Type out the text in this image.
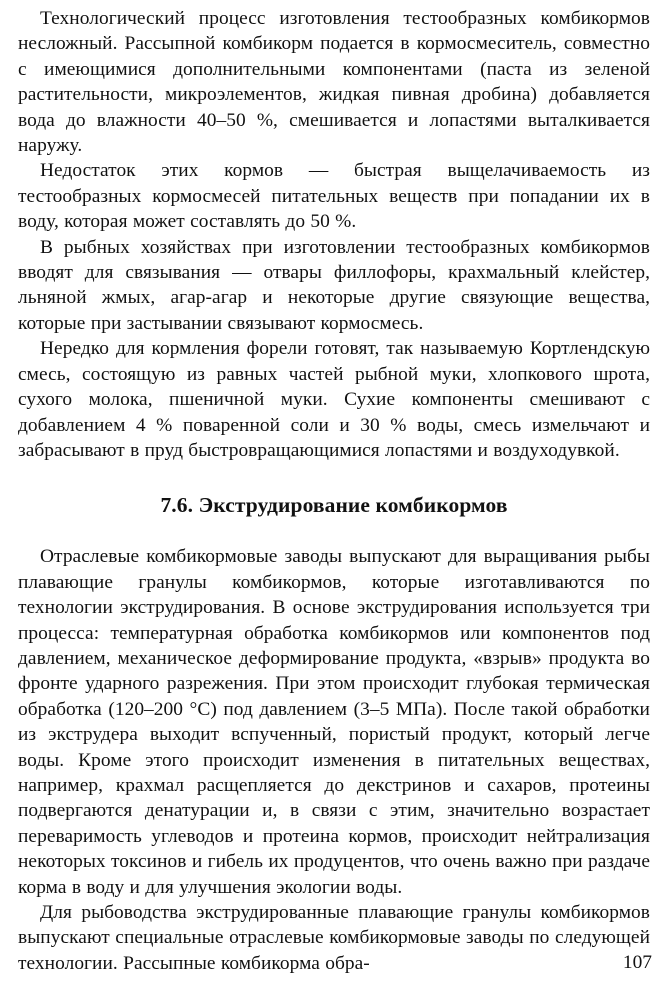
Технологический процесс изготовления тестообразных комбикормов несложный. Рассыпной комбикорм подается в кормосмеситель, совместно с имеющимися дополнительными компонентами (паста из зеленой растительности, микроэлементов, жидкая пивная дробина) добавляется вода до влажности 40–50 %, смешивается и лопастями выталкивается наружу.

Недостаток этих кормов — быстрая выщелачиваемость из тестообразных кормосмесей питательных веществ при попадании их в воду, которая может составлять до 50 %.

В рыбных хозяйствах при изготовлении тестообразных комбикормов вводят для связывания — отвары филлофоры, крахмальный клейстер, льняной жмых, агар-агар и некоторые другие связующие вещества, которые при застывании связывают кормосмесь.

Нередко для кормления форели готовят, так называемую Кортлендскую смесь, состоящую из равных частей рыбной муки, хлопкового шрота, сухого молока, пшеничной муки. Сухие компоненты смешивают с добавлением 4 % поваренной соли и 30 % воды, смесь измельчают и забрасывают в пруд быстровращающимися лопастями и воздуходувкой.

7.6. Экструдирование комбикормов

Отраслевые комбикормовые заводы выпускают для выращивания рыбы плавающие гранулы комбикормов, которые изготавливаются по технологии экструдирования. В основе экструдирования используется три процесса: температурная обработка комбикормов или компонентов под давлением, механическое деформирование продукта, «взрыв» продукта во фронте ударного разрежения. При этом происходит глубокая термическая обработка (120–200 °C) под давлением (3–5 МПа). После такой обработки из экструдера выходит вспученный, пористый продукт, который легче воды. Кроме этого происходит изменения в питательных веществах, например, крахмал расщепляется до декстринов и сахаров, протеины подвергаются денатурации и, в связи с этим, значительно возрастает переваримость углеводов и протеина кормов, происходит нейтрализация некоторых токсинов и гибель их продуцентов, что очень важно при раздаче корма в воду и для улучшения экологии воды.

Для рыбоводства экструдированные плавающие гранулы комбикормов выпускают специальные отраслевые комбикормовые заводы по следующей технологии. Рассыпные комбикорма обра-	107
